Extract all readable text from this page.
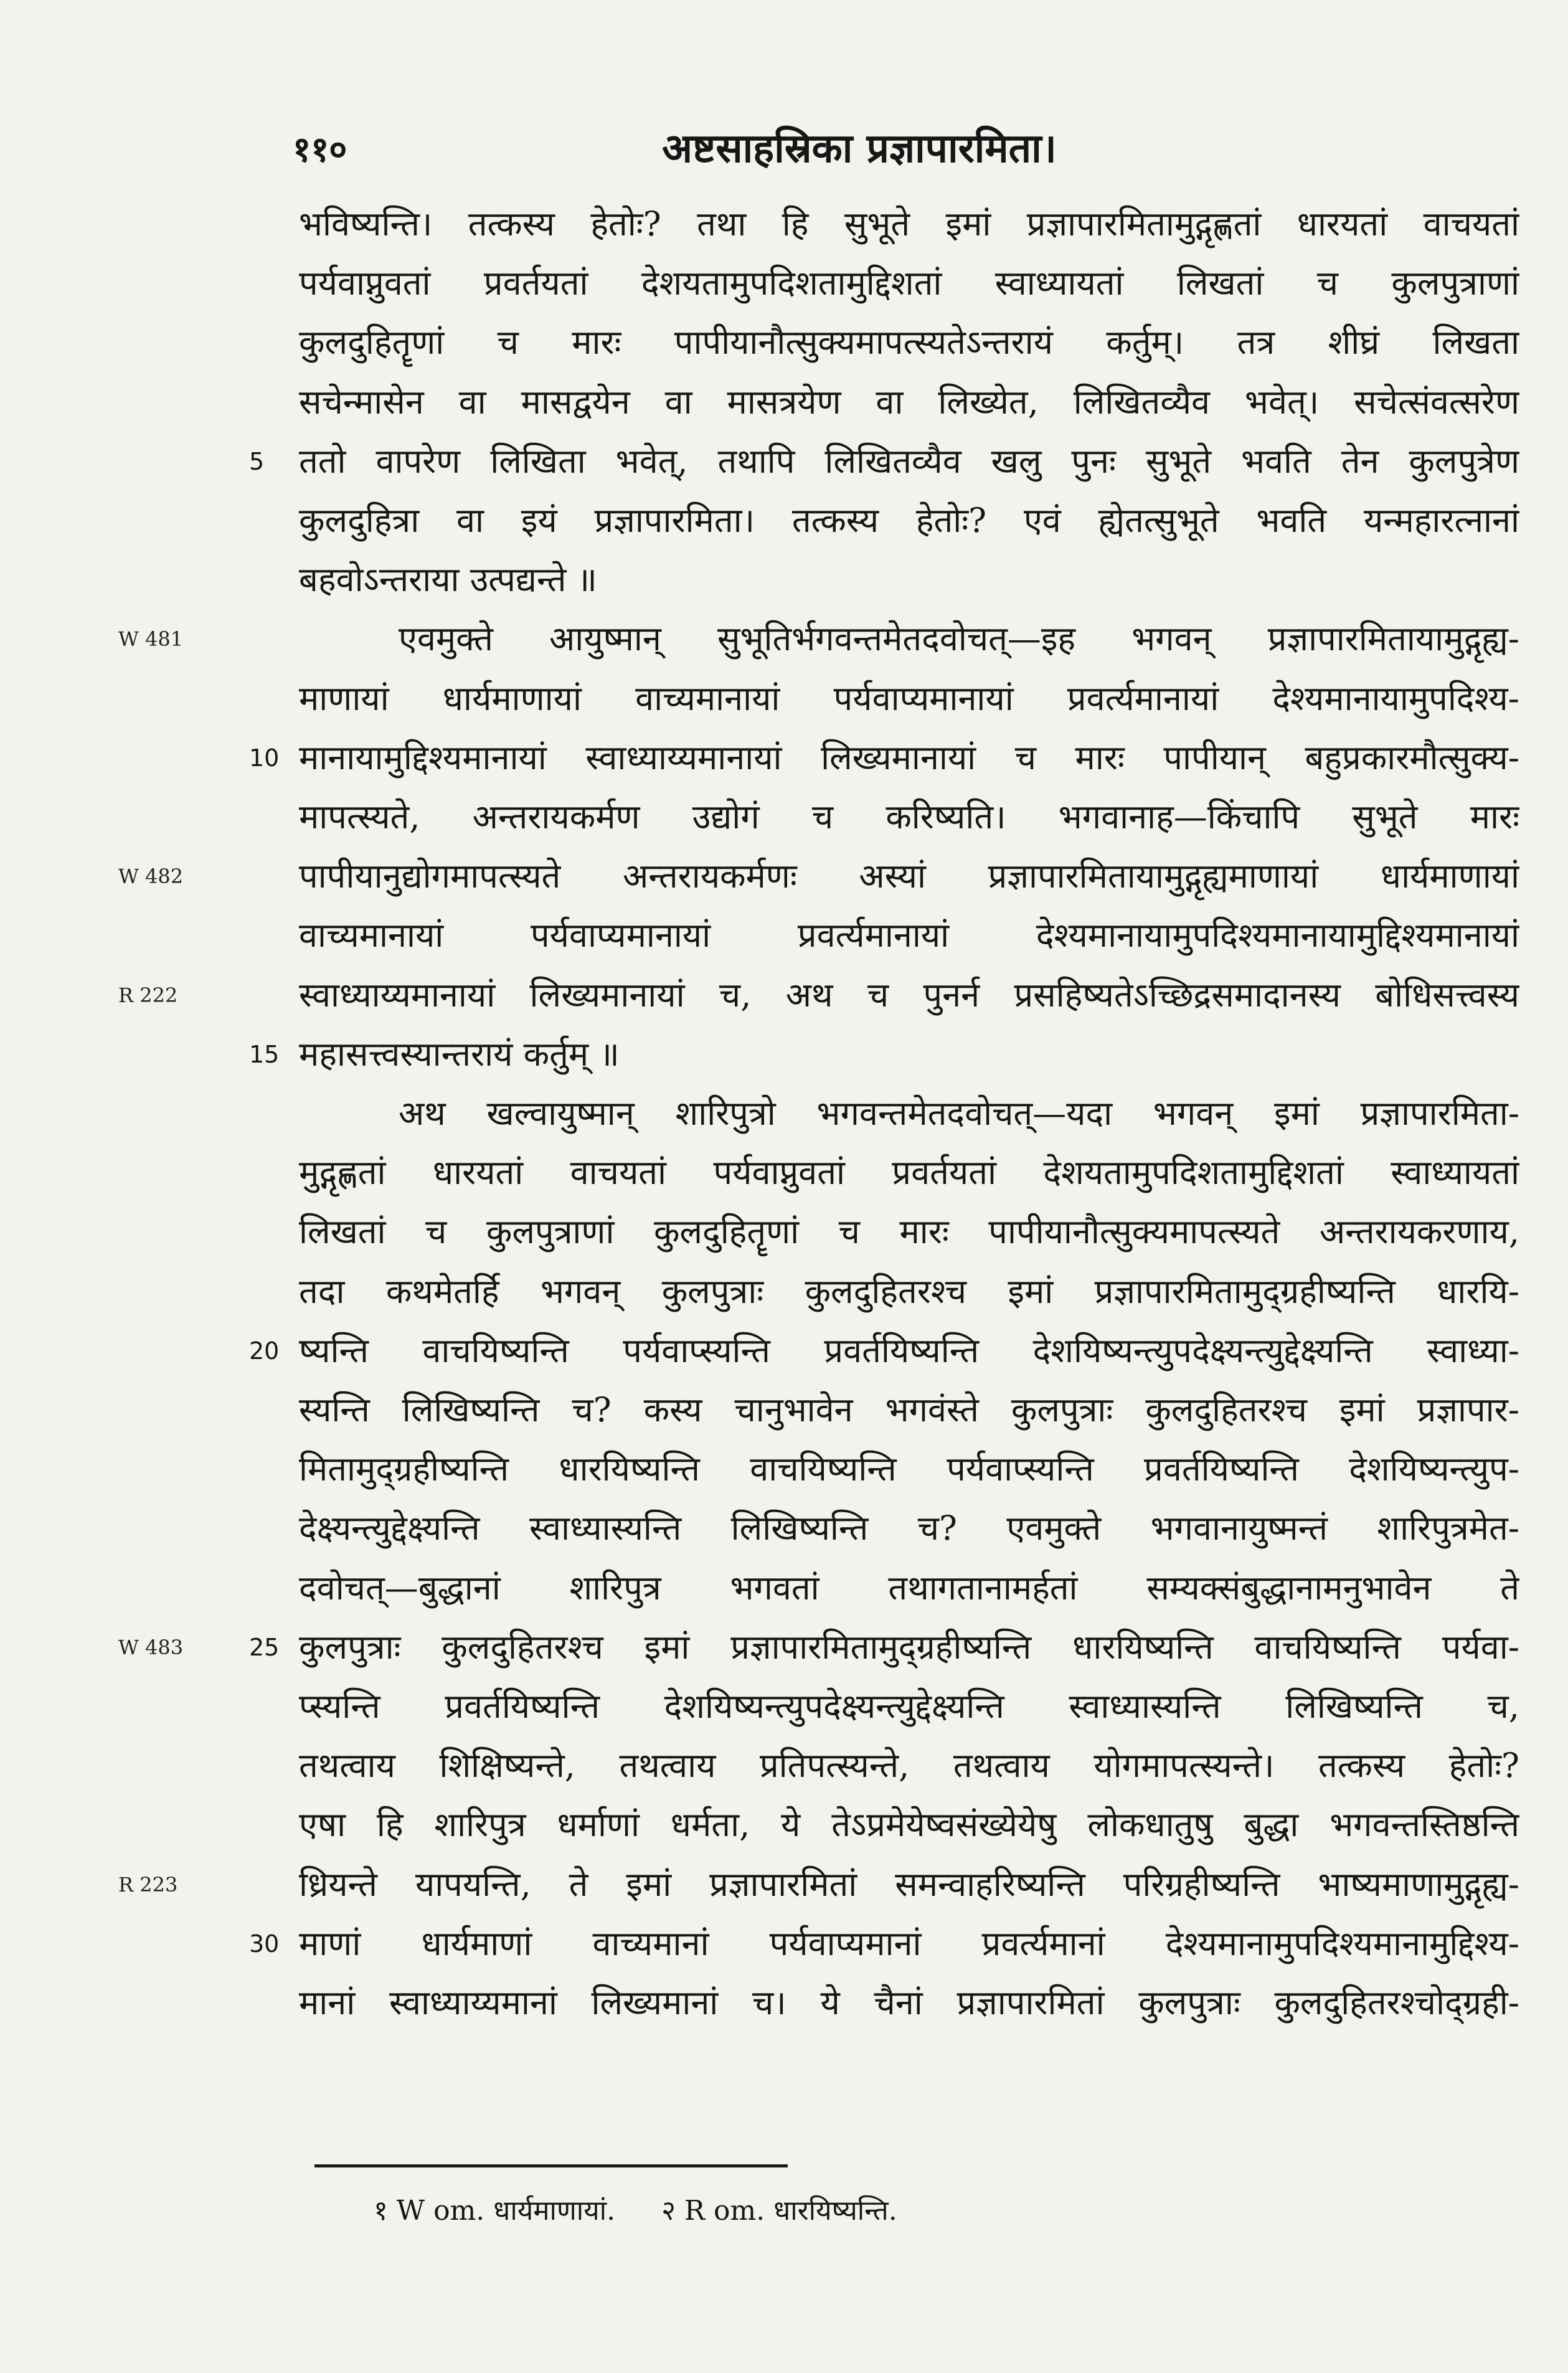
११०	अष्टसाहस्रिका प्रज्ञापारमिता।
भविष्यन्ति। तत्कस्य हेतोः? तथा हि सुभूते इमां प्रज्ञापारमितामुद्गृह्णतां धारयतां वाचयतां
पर्यवाप्नुवतां प्रवर्तयतां देशयतामुपदिशतामुद्दिशतां स्वाध्यायतां लिखतां च कुलपुत्राणां
कुलदुहितॄणां च मारः पापीयानौत्सुक्यमापत्स्यतेऽन्तरायं कर्तुम्। तत्र शीघ्रं लिखता
सचेन्मासेन वा मासद्वयेन वा मासत्रयेण वा लिख्येत, लिखितव्यैव भवेत्। सचेत्संवत्सरेण
ततो वापरेण लिखिता भवेत्, तथापि लिखितव्यैव खलु पुनः सुभूते भवति तेन कुलपुत्रेण
5
कुलदुहित्रा वा इयं प्रज्ञापारमिता। तत्कस्य हेतोः? एवं ह्येतत्सुभूते भवति यन्महारत्नानां
बहवोऽन्तराया उत्पद्यन्ते ॥
एवमुक्ते आयुष्मान् सुभूतिर्भगवन्तमेतदवोचत्—इह भगवन् प्रज्ञापारमितायामुद्गृह्य-
W 481
माणायां धार्यमाणायां वाच्यमानायां पर्यवाप्यमानायां प्रवर्त्यमानायां देश्यमानायामुपदिश्य-
मानायामुद्दिश्यमानायां स्वाध्याय्यमानायां लिख्यमानायां च मारः पापीयान् बहुप्रकारमौत्सुक्य-
10
मापत्स्यते, अन्तरायकर्मण उद्योगं च करिष्यति। भगवानाह—किंचापि सुभूते मारः
पापीयानुद्योगमापत्स्यते अन्तरायकर्मणः अस्यां प्रज्ञापारमितायामुद्गृह्यमाणायां धार्यमाणायां
W 482
वाच्यमानायां पर्यवाप्यमानायां प्रवर्त्यमानायां देश्यमानायामुपदिश्यमानायामुद्दिश्यमानायां
स्वाध्याय्यमानायां लिख्यमानायां च, अथ च पुनर्न प्रसहिष्यतेऽच्छिद्रसमादानस्य बोधिसत्त्वस्य
R 222
महासत्त्वस्यान्तरायं कर्तुम् ॥
15
अथ खल्वायुष्मान् शारिपुत्रो भगवन्तमेतदवोचत्—यदा भगवन् इमां प्रज्ञापारमिता-
मुद्गृह्णतां धारयतां वाचयतां पर्यवाप्नुवतां प्रवर्तयतां देशयतामुपदिशतामुद्दिशतां स्वाध्यायतां
लिखतां च कुलपुत्राणां कुलदुहितॄणां च मारः पापीयानौत्सुक्यमापत्स्यते अन्तरायकरणाय,
तदा कथमेतर्हि भगवन् कुलपुत्राः कुलदुहितरश्च इमां प्रज्ञापारमितामुद्ग्रहीष्यन्ति धारयि-
ष्यन्ति वाचयिष्यन्ति पर्यवाप्स्यन्ति प्रवर्तयिष्यन्ति देशयिष्यन्त्युपदेक्ष्यन्त्युद्देक्ष्यन्ति स्वाध्या-
20
स्यन्ति लिखिष्यन्ति च? कस्य चानुभावेन भगवंस्ते कुलपुत्राः कुलदुहितरश्च इमां प्रज्ञापार-
मितामुद्ग्रहीष्यन्ति धारयिष्यन्ति वाचयिष्यन्ति पर्यवाप्स्यन्ति प्रवर्तयिष्यन्ति देशयिष्यन्त्युप-
देक्ष्यन्त्युद्देक्ष्यन्ति स्वाध्यास्यन्ति लिखिष्यन्ति च? एवमुक्ते भगवानायुष्मन्तं शारिपुत्रमेत-
दवोचत्—बुद्धानां शारिपुत्र भगवतां तथागतानामर्हतां सम्यक्संबुद्धानामनुभावेन ते
कुलपुत्राः कुलदुहितरश्च इमां प्रज्ञापारमितामुद्ग्रहीष्यन्ति धारयिष्यन्ति वाचयिष्यन्ति पर्यवा-
25
W 483
प्स्यन्ति प्रवर्तयिष्यन्ति देशयिष्यन्त्युपदेक्ष्यन्त्युद्देक्ष्यन्ति स्वाध्यास्यन्ति लिखिष्यन्ति च,
तथत्वाय शिक्षिष्यन्ते, तथत्वाय प्रतिपत्स्यन्ते, तथत्वाय योगमापत्स्यन्ते। तत्कस्य हेतोः?
एषा हि शारिपुत्र धर्माणां धर्मता, ये तेऽप्रमेयेष्वसंख्येयेषु लोकधातुषु बुद्धा भगवन्तस्तिष्ठन्ति
ध्रियन्ते यापयन्ति, ते इमां प्रज्ञापारमितां समन्वाहरिष्यन्ति परिग्रहीष्यन्ति भाष्यमाणामुद्गृह्य-
R 223
माणां धार्यमाणां वाच्यमानां पर्यवाप्यमानां प्रवर्त्यमानां देश्यमानामुपदिश्यमानामुद्दिश्य-
30
मानां स्वाध्याय्यमानां लिख्यमानां च। ये चैनां प्रज्ञापारमितां कुलपुत्राः कुलदुहितरश्चोद्ग्रही-
१ W om. धार्यमाणायां. २ R om. धारयिष्यन्ति.
